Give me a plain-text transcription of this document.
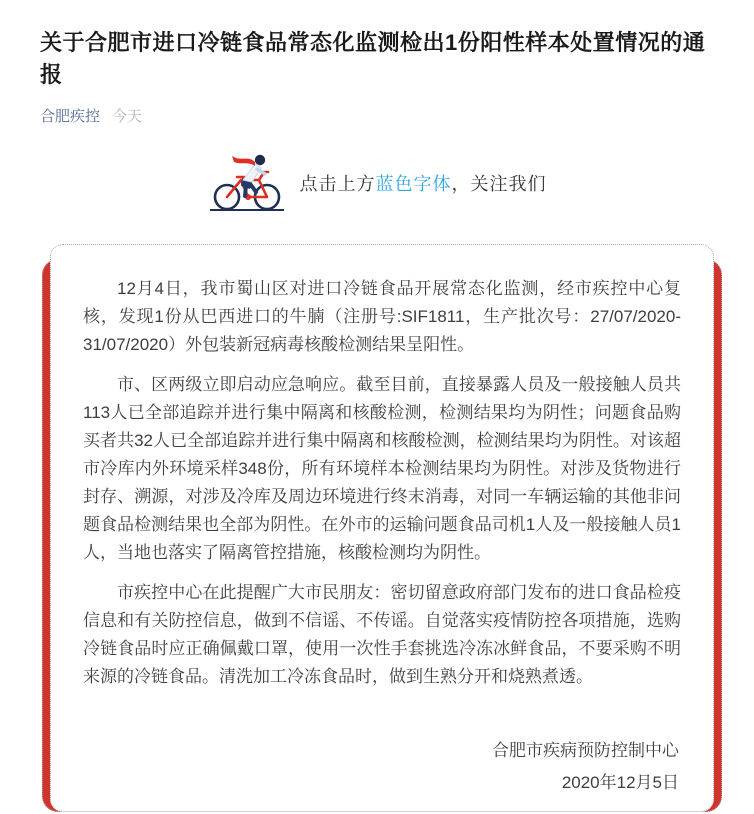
关于合肥市进口冷链食品常态化监测检出1份阳性样本处置情况的通报
合肥疾控 今天
点击上方蓝色字体，关注我们

12月4日，我市蜀山区对进口冷链食品开展常态化监测，经市疾控中心复核，发现1份从巴西进口的牛腩（注册号:SIF1811，生产批次号：27/07/2020-31/07/2020）外包装新冠病毒核酸检测结果呈阳性。

市、区两级立即启动应急响应。截至目前，直接暴露人员及一般接触人员共113人已全部追踪并进行集中隔离和核酸检测，检测结果均为阴性；问题食品购买者共32人已全部追踪并进行集中隔离和核酸检测，检测结果均为阴性。对该超市冷库内外环境采样348份，所有环境样本检测结果均为阴性。对涉及货物进行封存、溯源，对涉及冷库及周边环境进行终末消毒，对同一车辆运输的其他非问题食品检测结果也全部为阴性。在外市的运输问题食品司机1人及一般接触人员1人，当地也落实了隔离管控措施，核酸检测均为阴性。

市疾控中心在此提醒广大市民朋友：密切留意政府部门发布的进口食品检疫信息和有关防控信息，做到不信谣、不传谣。自觉落实疫情防控各项措施，选购冷链食品时应正确佩戴口罩，使用一次性手套挑选冷冻冰鲜食品，不要采购不明来源的冷链食品。清洗加工冷冻食品时，做到生熟分开和烧熟煮透。

合肥市疾病预防控制中心
2020年12月5日
